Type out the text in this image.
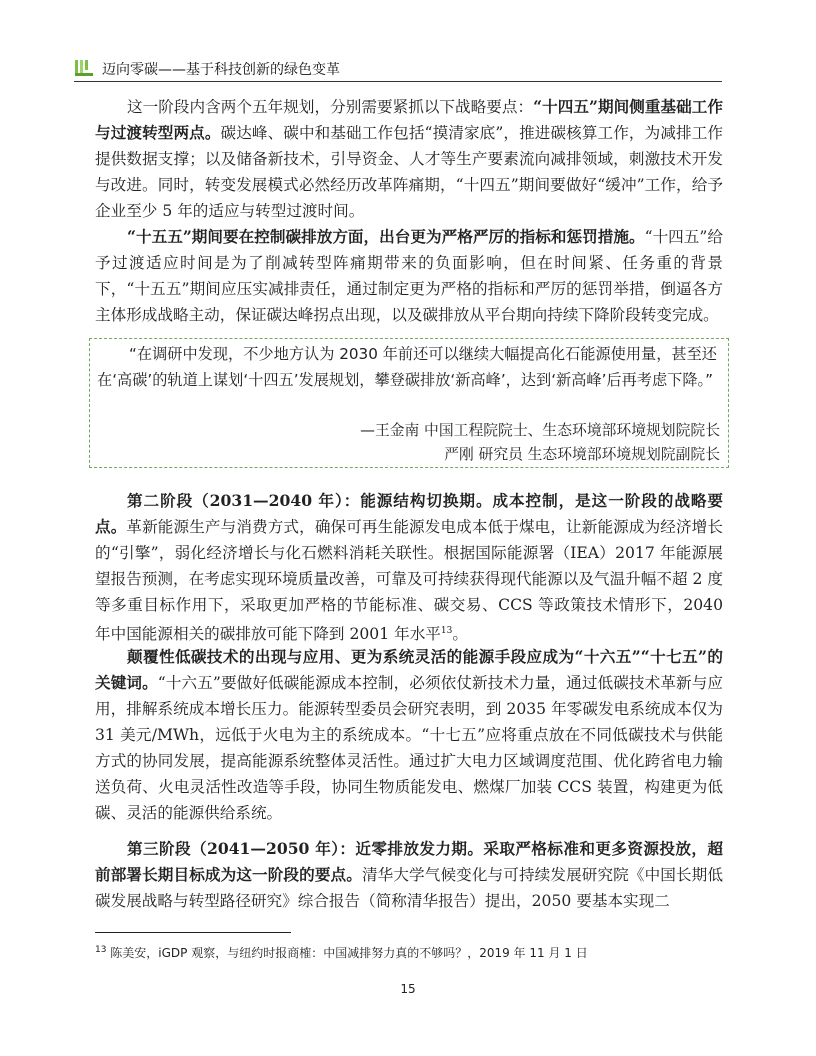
迈向零碳——基于科技创新的绿色变革

这一阶段内含两个五年规划，分别需要紧抓以下战略要点：“十四五”期间侧重基础工作与过渡转型两点。碳达峰、碳中和基础工作包括“摸清家底”，推进碳核算工作，为减排工作提供数据支撑；以及储备新技术，引导资金、人才等生产要素流向减排领域，刺激技术开发与改进。同时，转变发展模式必然经历改革阵痛期，“十四五”期间要做好“缓冲”工作，给予企业至少 5 年的适应与转型过渡时间。

“十五五”期间要在控制碳排放方面，出台更为严格严厉的指标和惩罚措施。“十四五”给予过渡适应时间是为了削减转型阵痛期带来的负面影响，但在时间紧、任务重的背景下，“十五五”期间应压实减排责任，通过制定更为严格的指标和严厉的惩罚举措，倒逼各方主体形成战略主动，保证碳达峰拐点出现，以及碳排放从平台期向持续下降阶段转变完成。

“在调研中发现，不少地方认为 2030 年前还可以继续大幅提高化石能源使用量，甚至还在‘高碳’的轨道上谋划‘十四五’发展规划，攀登碳排放‘新高峰’，达到‘新高峰’后再考虑下降。”

—王金南 中国工程院院士、生态环境部环境规划院院长
严刚 研究员 生态环境部环境规划院副院长

第二阶段（2031—2040 年）：能源结构切换期。成本控制，是这一阶段的战略要点。革新能源生产与消费方式，确保可再生能源发电成本低于煤电，让新能源成为经济增长的“引擎”，弱化经济增长与化石燃料消耗关联性。根据国际能源署（IEA）2017 年能源展望报告预测，在考虑实现环境质量改善，可靠及可持续获得现代能源以及气温升幅不超 2 度等多重目标作用下，采取更加严格的节能标准、碳交易、CCS 等政策技术情形下，2040 年中国能源相关的碳排放可能下降到 2001 年水平$^{13}$。

颠覆性低碳技术的出现与应用、更为系统灵活的能源手段应成为“十六五”“十七五”的关键词。“十六五”要做好低碳能源成本控制，必须依仗新技术力量，通过低碳技术革新与应用，排解系统成本增长压力。能源转型委员会研究表明，到 2035 年零碳发电系统成本仅为 31 美元/MWh，远低于火电为主的系统成本。“十七五”应将重点放在不同低碳技术与供能方式的协同发展，提高能源系统整体灵活性。通过扩大电力区域调度范围、优化跨省电力输送负荷、火电灵活性改造等手段，协同生物质能发电、燃煤厂加装 CCS 装置，构建更为低碳、灵活的能源供给系统。

第三阶段（2041—2050 年）：近零排放发力期。采取严格标准和更多资源投放，超前部署长期目标成为这一阶段的要点。清华大学气候变化与可持续发展研究院《中国长期低碳发展战略与转型路径研究》综合报告（简称清华报告）提出，2050 要基本实现二

$^{13}$ 陈美安，iGDP 观察，与纽约时报商榷：中国减排努力真的不够吗？，2019 年 11 月 1 日
15
